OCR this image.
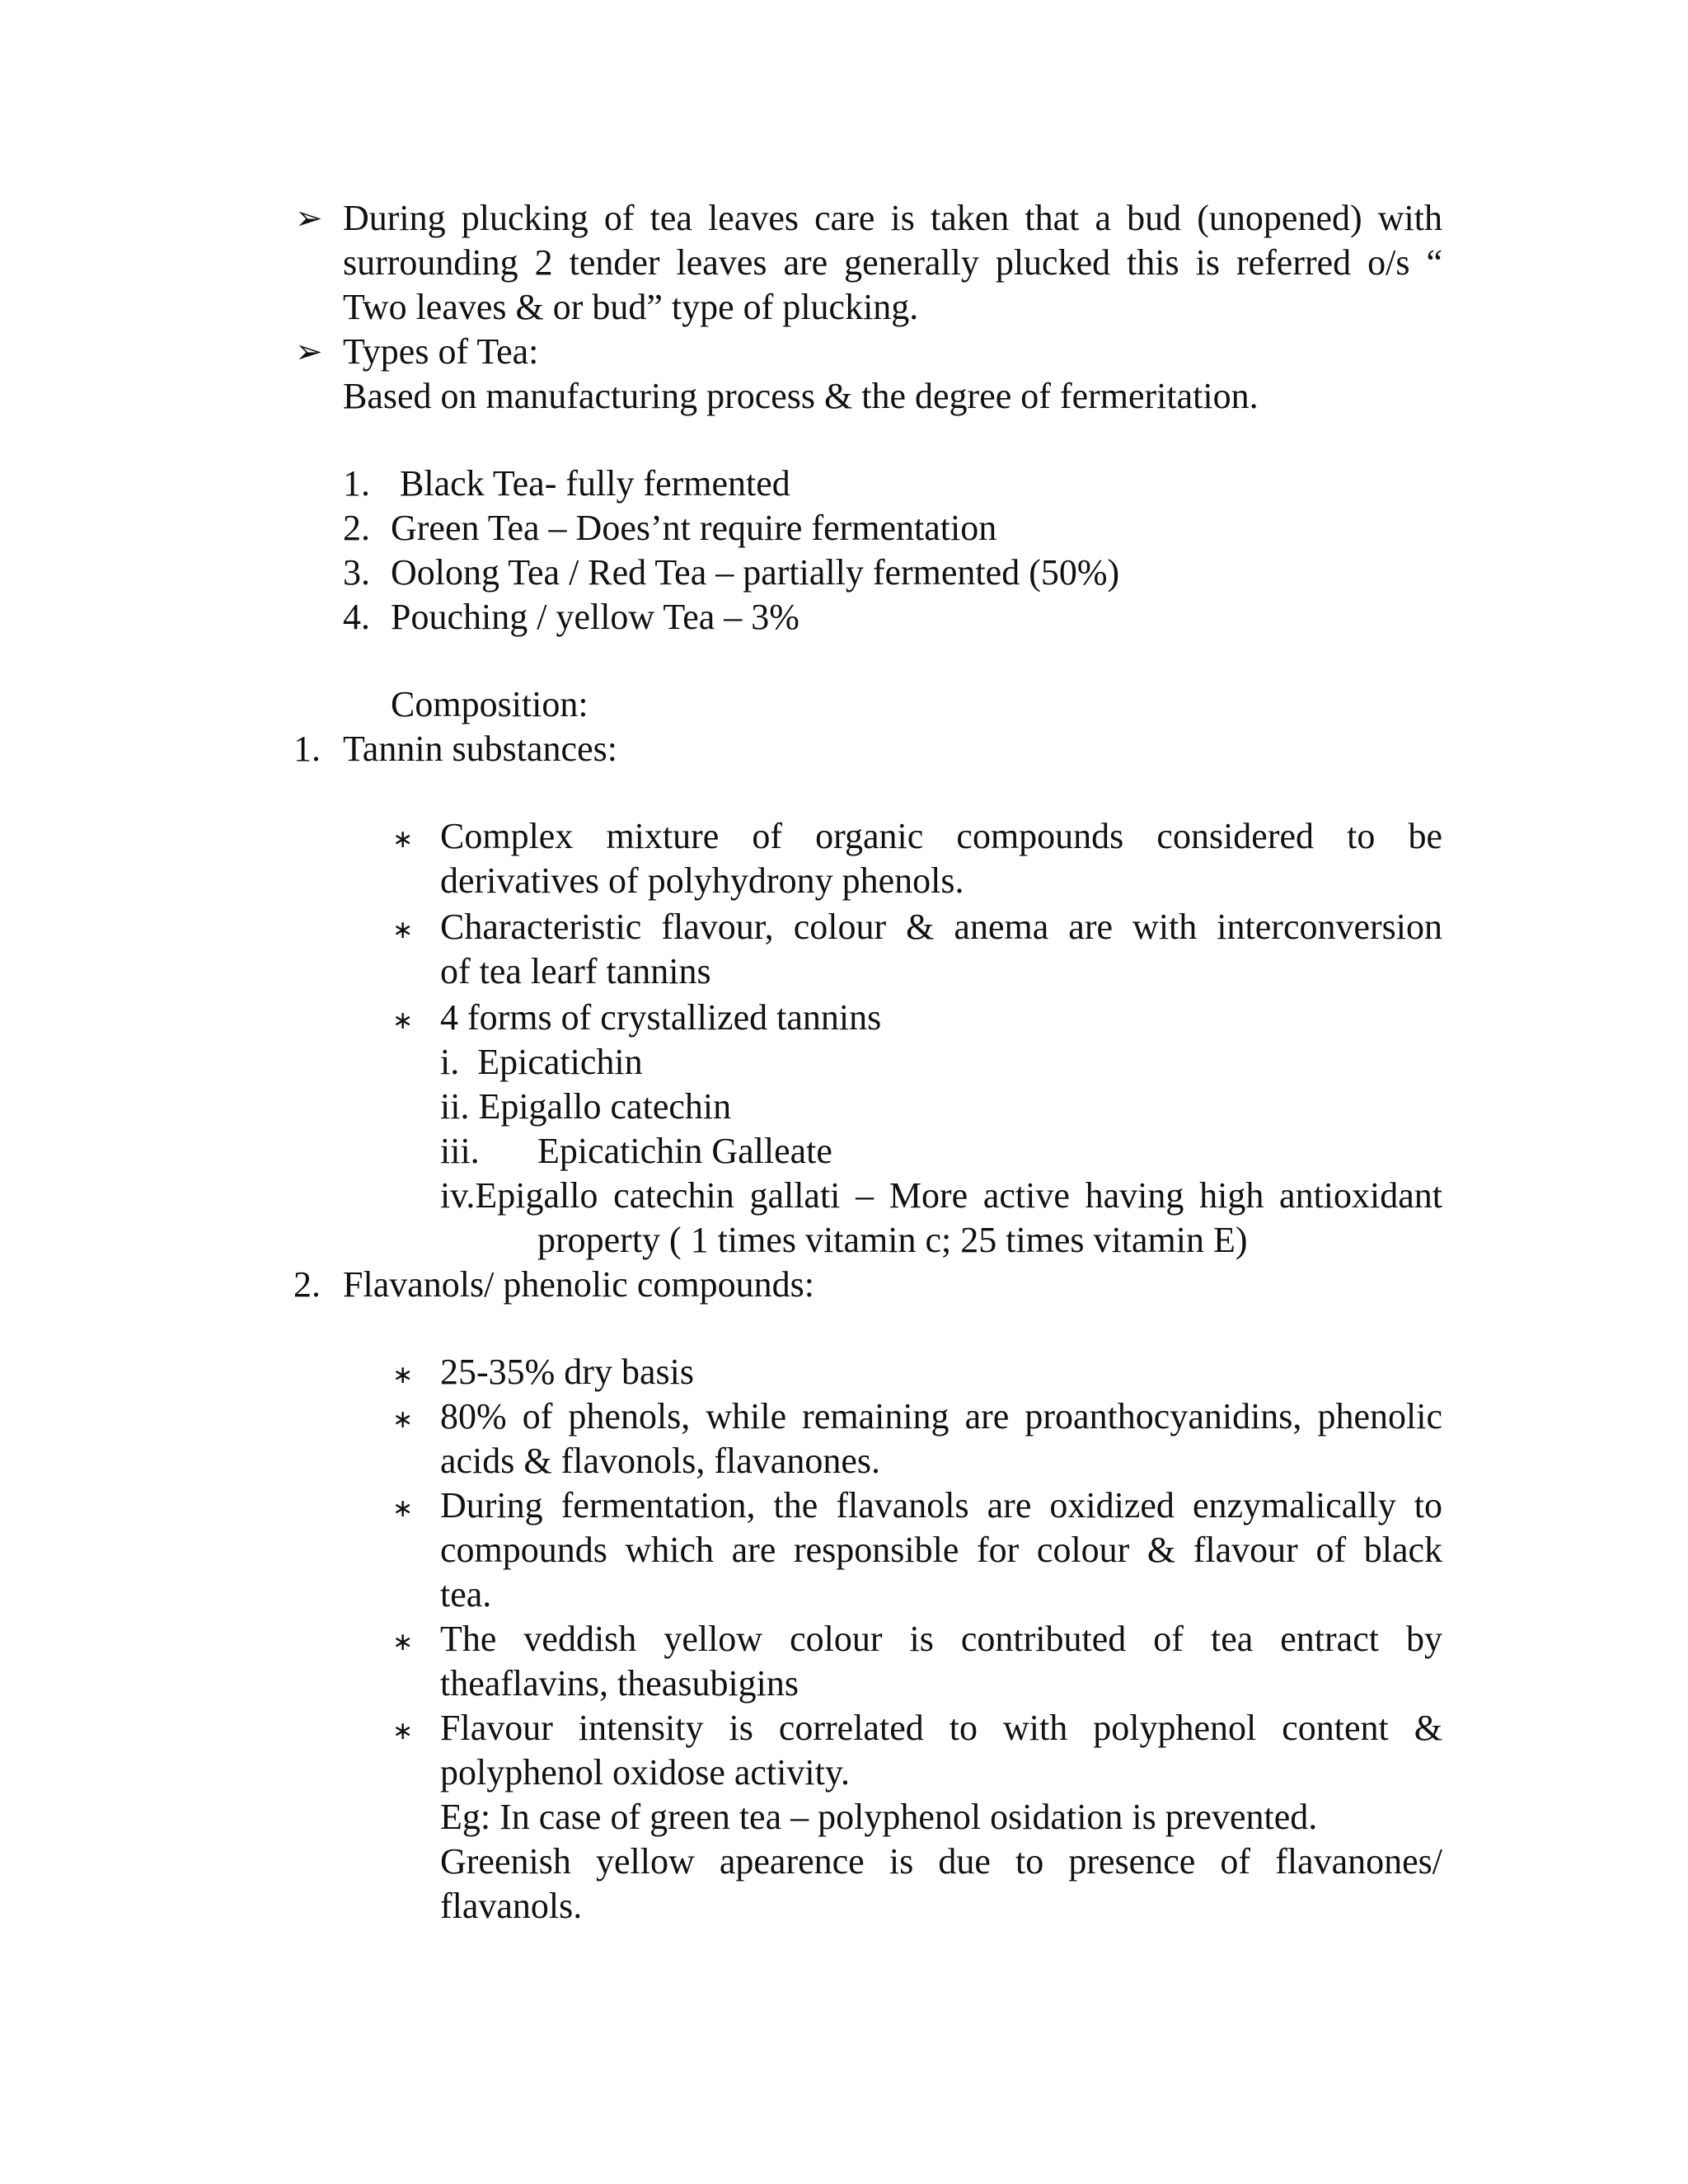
➢ During plucking of tea leaves care is taken that a bud (unopened) with
surrounding 2 tender leaves are generally plucked this is referred o/s “
Two leaves & or bud” type of plucking.
➢ Types of Tea:
Based on manufacturing process & the degree of fermeritation.
1. Black Tea- fully fermented
2. Green Tea – Does’nt require fermentation
3. Oolong Tea / Red Tea – partially fermented (50%)
4. Pouching / yellow Tea – 3%
Composition:
1. Tannin substances:
∗ Complex mixture of organic compounds considered to be
derivatives of polyhydrony phenols.
∗ Characteristic flavour, colour & anema are with interconversion
of tea learf tannins
∗ 4 forms of crystallized tannins
i.  Epicatichin
ii. Epigallo catechin
iii. Epicatichin Galleate
iv.Epigallo catechin gallati – More active having high antioxidant
property ( 1 times vitamin c; 25 times vitamin E)
2. Flavanols/ phenolic compounds:
∗ 25-35% dry basis
∗ 80% of phenols, while remaining are proanthocyanidins, phenolic
acids & flavonols, flavanones.
∗ During fermentation, the flavanols are oxidized enzymalically to
compounds which are responsible for colour & flavour of black
tea.
∗ The veddish yellow colour is contributed of tea entract by
theaflavins, theasubigins
∗ Flavour intensity is correlated to with polyphenol content &
polyphenol oxidose activity.
Eg: In case of green tea – polyphenol osidation is prevented.
Greenish yellow apearence is due to presence of flavanones/
flavanols.
